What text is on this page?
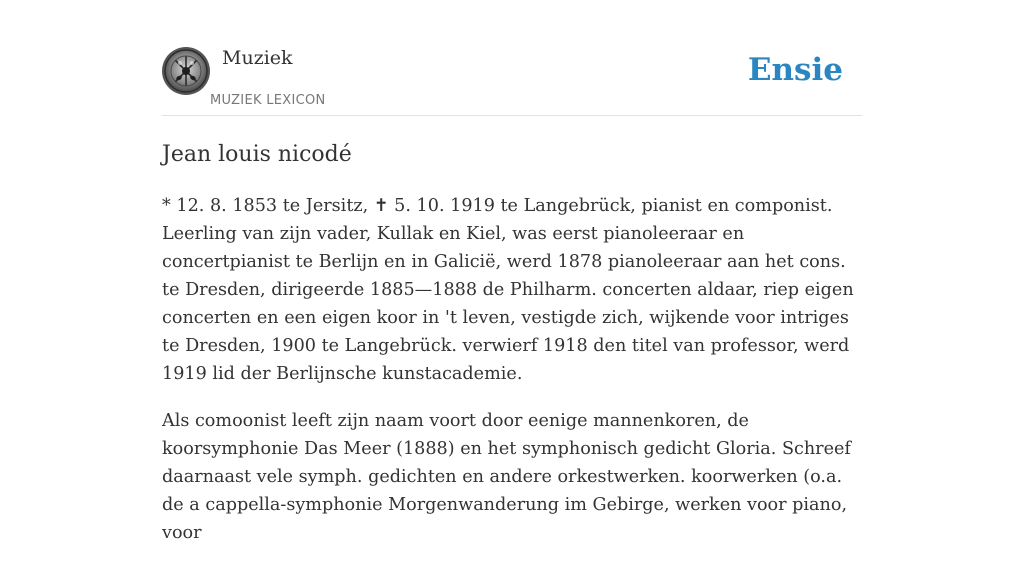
Muziek
MUZIEK LEXICON
Ensie
Jean louis nicodé

* 12. 8. 1853 te Jersitz, ✝ 5. 10. 1919 te Langebrück, pianist en componist. Leerling van zijn vader, Kullak en Kiel, was eerst pianoleeraar en concertpianist te Berlijn en in Galicië, werd 1878 pianoleeraar aan het cons. te Dresden, dirigeerde 1885—1888 de Philharm. concerten aldaar, riep eigen concerten en een eigen koor in 't leven, vestigde zich, wijkende voor intriges te Dresden, 1900 te Langebrück. verwierf 1918 den titel van professor, werd 1919 lid der Berlijnsche kunstacademie.

Als comoonist leeft zijn naam voort door eenige mannenkoren, de koorsymphonie Das Meer (1888) en het symphonisch gedicht Gloria. Schreef daarnaast vele symph. gedichten en andere orkestwerken. koorwerken (o.a. de a cappella-symphonie Morgenwanderung im Gebirge, werken voor piano, voor
